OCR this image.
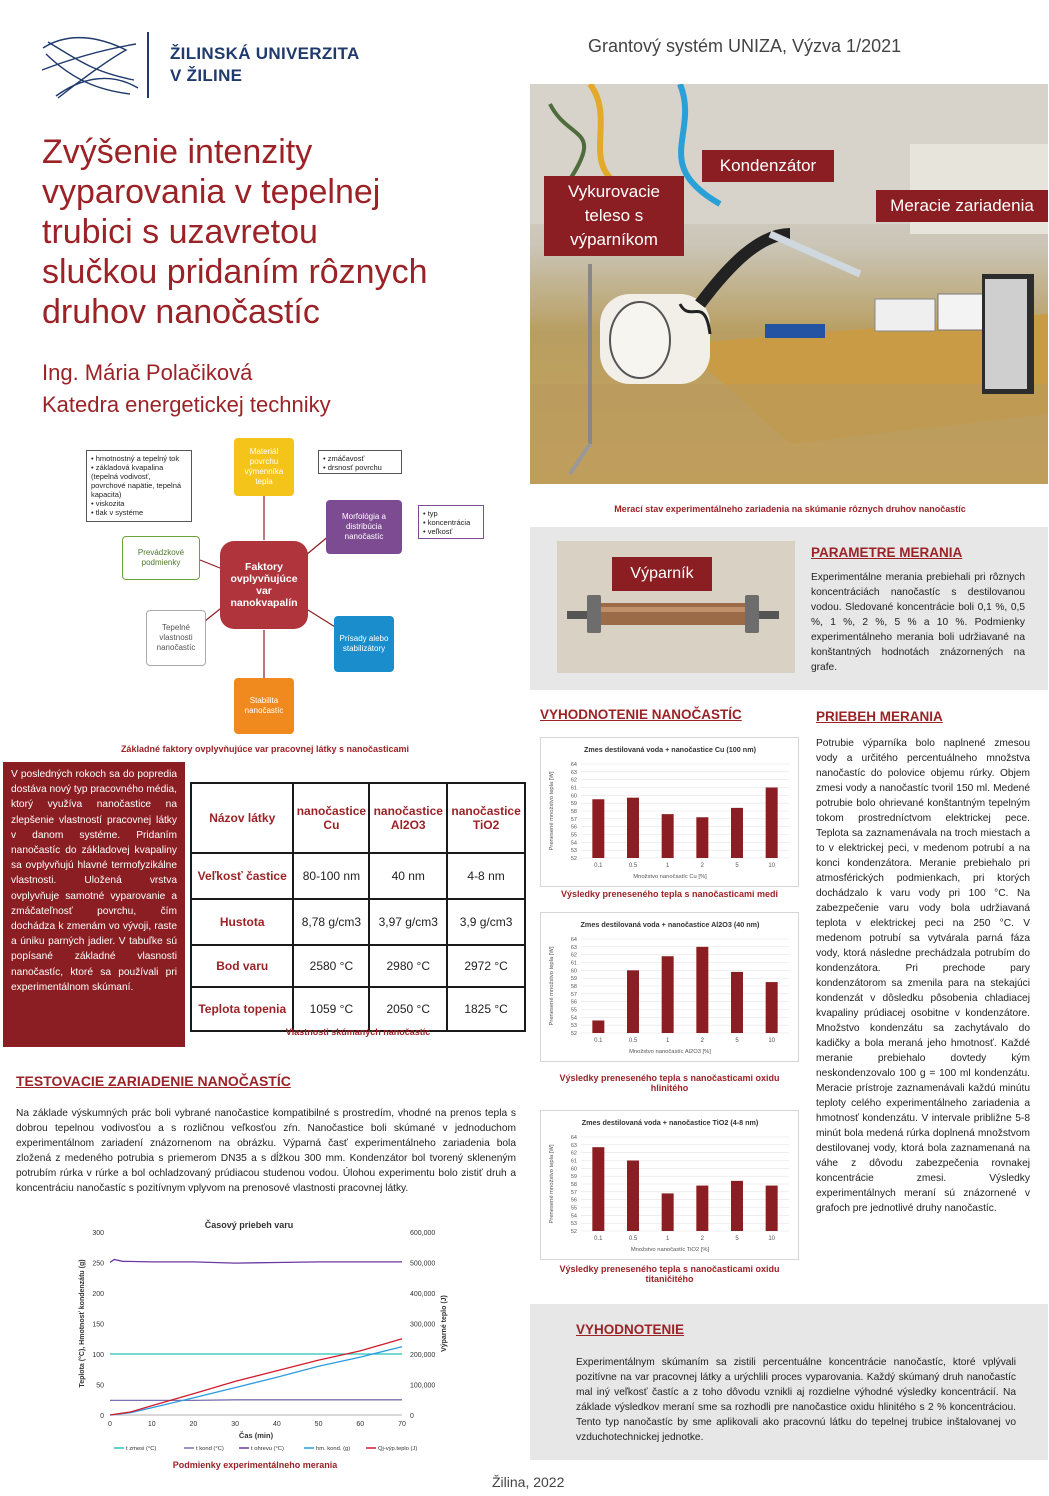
ŽILINSKÁ UNIVERZITA
V ŽILINE
Grantový systém UNIZA, Výzva 1/2021
Zvýšenie intenzity
vyparovania v tepelnej
trubici s uzavretou
slučkou pridaním rôznych
druhov nanočastíc
Ing. Mária Polačiková
Katedra energetickej techniky
Faktory ovplyvňujúce var nanokvapalín
Materiál povrchu výmenníka tepla
Morfológia a distribúcia nanočastíc
Prísady alebo stabilizátory
Stabilita nanočastíc
Tepelné vlastnosti nanočastíc
Prevádzkové podmienky
• hmotnostný a tepelný tok
• základová kvapalina (tepelná vodivosť, povrchové napätie, tepelná kapacita)
• viskozita
• tlak v systéme
• zmáčavosť
• drsnosť povrchu
• typ
• koncentrácia
• veľkosť
Základné faktory ovplyvňujúce var pracovnej látky s nanočasticami
V posledných rokoch sa do popredia dostáva nový typ pracovného média, ktorý využíva nanočastice na zlepšenie vlastností pracovnej látky v danom systéme. Pridaním nanočastíc do základovej kvapaliny sa ovplyvňujú hlavné termofyzikálne vlastnosti. Uložená vrstva ovplyvňuje samotné vyparovanie a zmáčateľnosť povrchu, čím dochádza k zmenám vo vývoji, raste a úniku parných jadier. V tabuľke sú popísané základné vlasnosti nanočastíc, ktoré sa používali pri experimentálnom skúmaní.
Názov látky	nanočastice Cu	nanočastice Al2O3	nanočastice TiO2
Veľkosť častice	80-100 nm	40 nm	4-8 nm
Hustota	8,78 g/cm3	3,97 g/cm3	3,9 g/cm3
Bod varu	2580 °C	2980 °C	2972 °C
Teplota topenia	1059 °C	2050 °C	1825 °C
Vlastnosti skúmaných nanočastíc
TESTOVACIE ZARIADENIE NANOČASTÍC
Na základe výskumných prác boli vybrané nanočastice kompatibilné s prostredím, vhodné na prenos tepla s dobrou tepelnou vodivosťou a s rozličnou veľkosťou zŕn. Nanočastice boli skúmané v jednoduchom experimentálnom zariadení znázornenom na obrázku. Výparná časť experimentálneho zariadenia bola zložená z medeného potrubia s priemerom DN35 a s dĺžkou 300 mm. Kondenzátor bol tvorený skleneným potrubím rúrka v rúrke a bol ochladzovaný prúdiacou studenou vodou. Úlohou experimentu bolo zistiť druh a koncentráciu nanočastíc s pozitívnym vplyvom na prenosové vlastnosti pracovnej látky.
Časový priebeh varu
0
50
100
150
200
250
300
0
100,000
200,000
300,000
400,000
500,000
600,000
0	10	20	30	40	50	60	70
Čas (min)
Teplota (°C), Hmotnosť kondenzátu (g)	Výparné teplo (J)
t zmesi (°C)	t kond (°C)	t ohrevu (°C)	hm. kond. (g)	Qj-výp.teplo (J)
Podmienky experimentálneho merania
Vykurovacie teleso s výparníkom
Kondenzátor
Meracie zariadenia
Merací stav experimentálneho zariadenia na skúmanie rôznych druhov nanočastíc
Výparník
PARAMETRE MERANIA
Experimentálne merania prebiehali pri rôznych koncentráciách nanočastíc s destilovanou vodou. Sledované koncentrácie boli 0,1 %, 0,5 %, 1 %, 2 %, 5 % a 10 %. Podmienky experimentálneho merania boli udržiavané na konštantných hodnotách znázornených na grafe.
VYHODNOTENIE NANOČASTÍC
Zmes destilovaná voda + nanočastice Cu (100 nm)
52
53
54
55
56
57
58
59
60
61
62
63
64
0.1	0.5	1	2	5	10
Množstvo nanočastíc Cu [%]
Prenesené množstvo tepla [W]
Výsledky preneseného tepla s nanočasticami medi
Zmes destilovaná voda + nanočastice Al2O3 (40 nm)
52
53
54
55
56
57
58
59
60
61
62
63
64
0.1	0.5	1	2	5	10
Množstvo nanočastíc Al2O3 [%]
Prenesené množstvo tepla [W]
Výsledky preneseného tepla s nanočasticami oxidu hlinitého
Zmes destilovaná voda + nanočastice TiO2 (4-8 nm)
52
53
54
55
56
57
58
59
60
61
62
63
64
0.1	0.5	1	2	5	10
Množstvo nanočastíc TiO2 [%]
Prenesené množstvo tepla [W]
Výsledky preneseného tepla s nanočasticami oxidu titaničitého
PRIEBEH MERANIA
Potrubie výparníka bolo naplnené zmesou vody a určitého percentuálneho množstva nanočastíc do polovice objemu rúrky. Objem zmesi vody a nanočastíc tvoril 150 ml. Medené potrubie bolo ohrievané konštantným tepelným tokom prostredníctvom elektrickej pece. Teplota sa zaznamenávala na troch miestach a to v elektrickej peci, v medenom potrubí a na konci kondenzátora. Meranie prebiehalo pri atmosférických podmienkach, pri ktorých dochádzalo k varu vody pri 100 °C. Na zabezpečenie varu vody bola udržiavaná teplota v elektrickej peci na 250 °C. V medenom potrubí sa vytvárala parná fáza vody, ktorá následne prechádzala potrubím do kondenzátora. Pri prechode pary kondenzátorom sa zmenila para na stekajúci kondenzát v dôsledku pôsobenia chladiacej kvapaliny prúdiacej osobitne v kondenzátore. Množstvo kondenzátu sa zachytávalo do kadičky a bola meraná jeho hmotnosť. Každé meranie prebiehalo dovtedy kým neskondenzovalo 100 g = 100 ml kondenzátu. Meracie prístroje zaznamenávali každú minútu teploty celého experimentálneho zariadenia a hmotnosť kondenzátu. V intervale približne 5-8 minút bola medená rúrka doplnená množstvom destilovanej vody, ktorá bola zaznamenaná na váhe z dôvodu zabezpečenia rovnakej koncentrácie zmesi. Výsledky experimentálnych meraní sú znázornené v grafoch pre jednotlivé druhy nanočastíc.
VYHODNOTENIE
Experimentálnym skúmaním sa zistili percentuálne koncentrácie nanočastíc, ktoré vplývali pozitívne na var pracovnej látky a urýchlili proces vyparovania. Každý skúmaný druh nanočastíc mal iný veľkosť častíc a z toho dôvodu vznikli aj rozdielne výhodné výsledky koncentrácií. Na základe výsledkov meraní sme sa rozhodli pre nanočastice oxidu hlinitého s 2 % koncentráciou. Tento typ nanočastíc by sme aplikovali ako pracovnú látku do tepelnej trubice inštalovanej vo vzduchotechnickej jednotke.
Žilina, 2022
